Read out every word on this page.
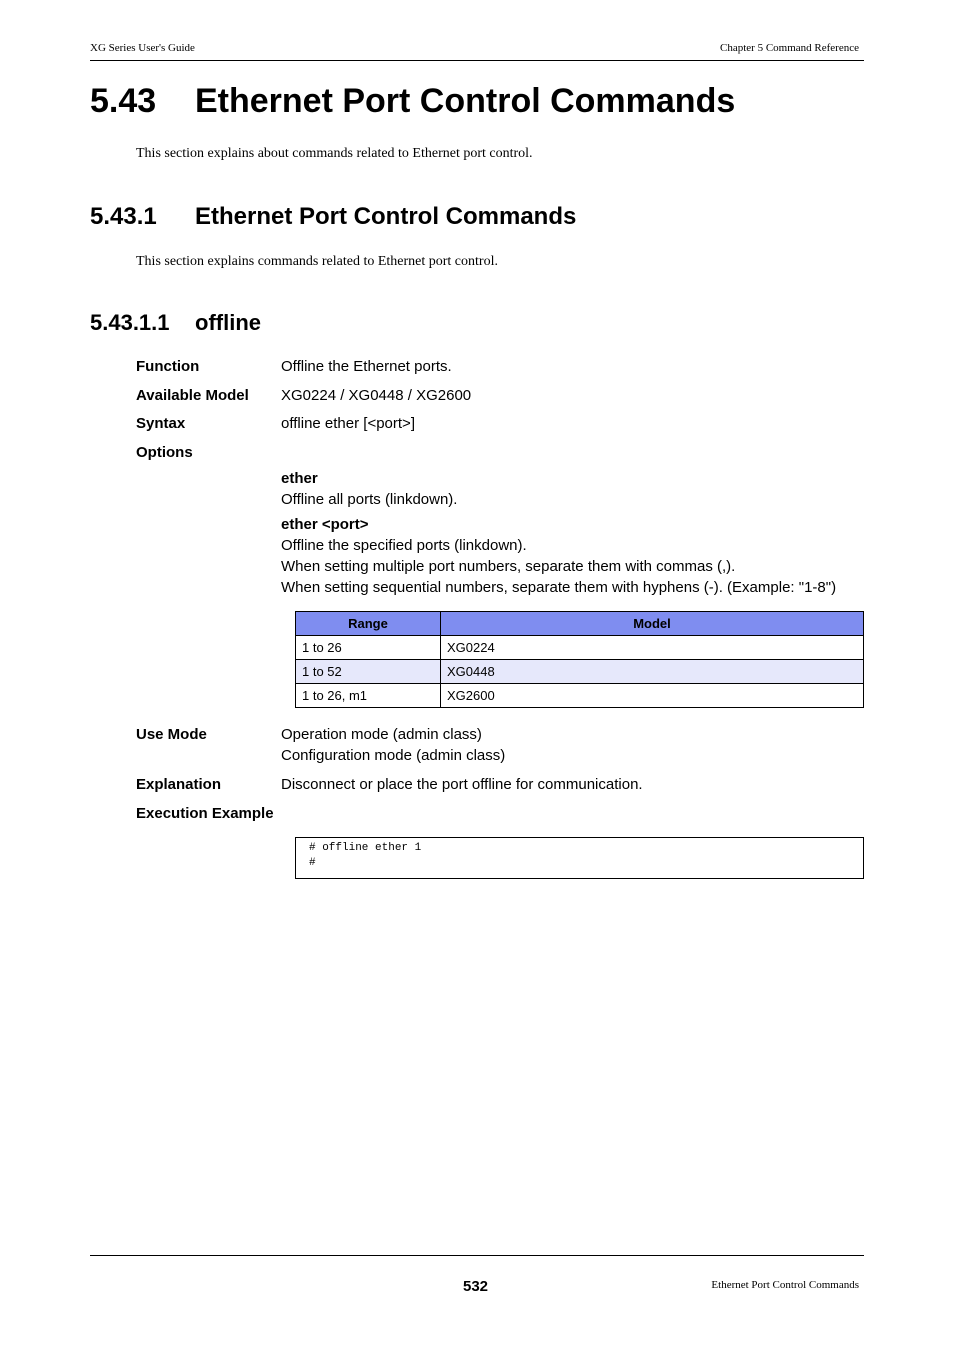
XG Series User's Guide	Chapter 5 Command Reference
5.43 Ethernet Port Control Commands
This section explains about commands related to Ethernet port control.
5.43.1 Ethernet Port Control Commands
This section explains commands related to Ethernet port control.
5.43.1.1 offline
Function	Offline the Ethernet ports.
Available Model XG0224 / XG0448 / XG2600
Syntax	offline ether [<port>]
Options
ether
Offline all ports (linkdown).
ether <port>
Offline the specified ports (linkdown).
When setting multiple port numbers, separate them with commas (,).
When setting sequential numbers, separate them with hyphens (-). (Example: "1-8")
Range	Model
1 to 26	XG0224
1 to 52	XG0448
1 to 26, m1	XG2600
Use Mode	Operation mode (admin class)
Configuration mode (admin class)
Explanation	Disconnect or place the port offline for communication.
Execution Example
# offline ether 1
#
532	Ethernet Port Control Commands
